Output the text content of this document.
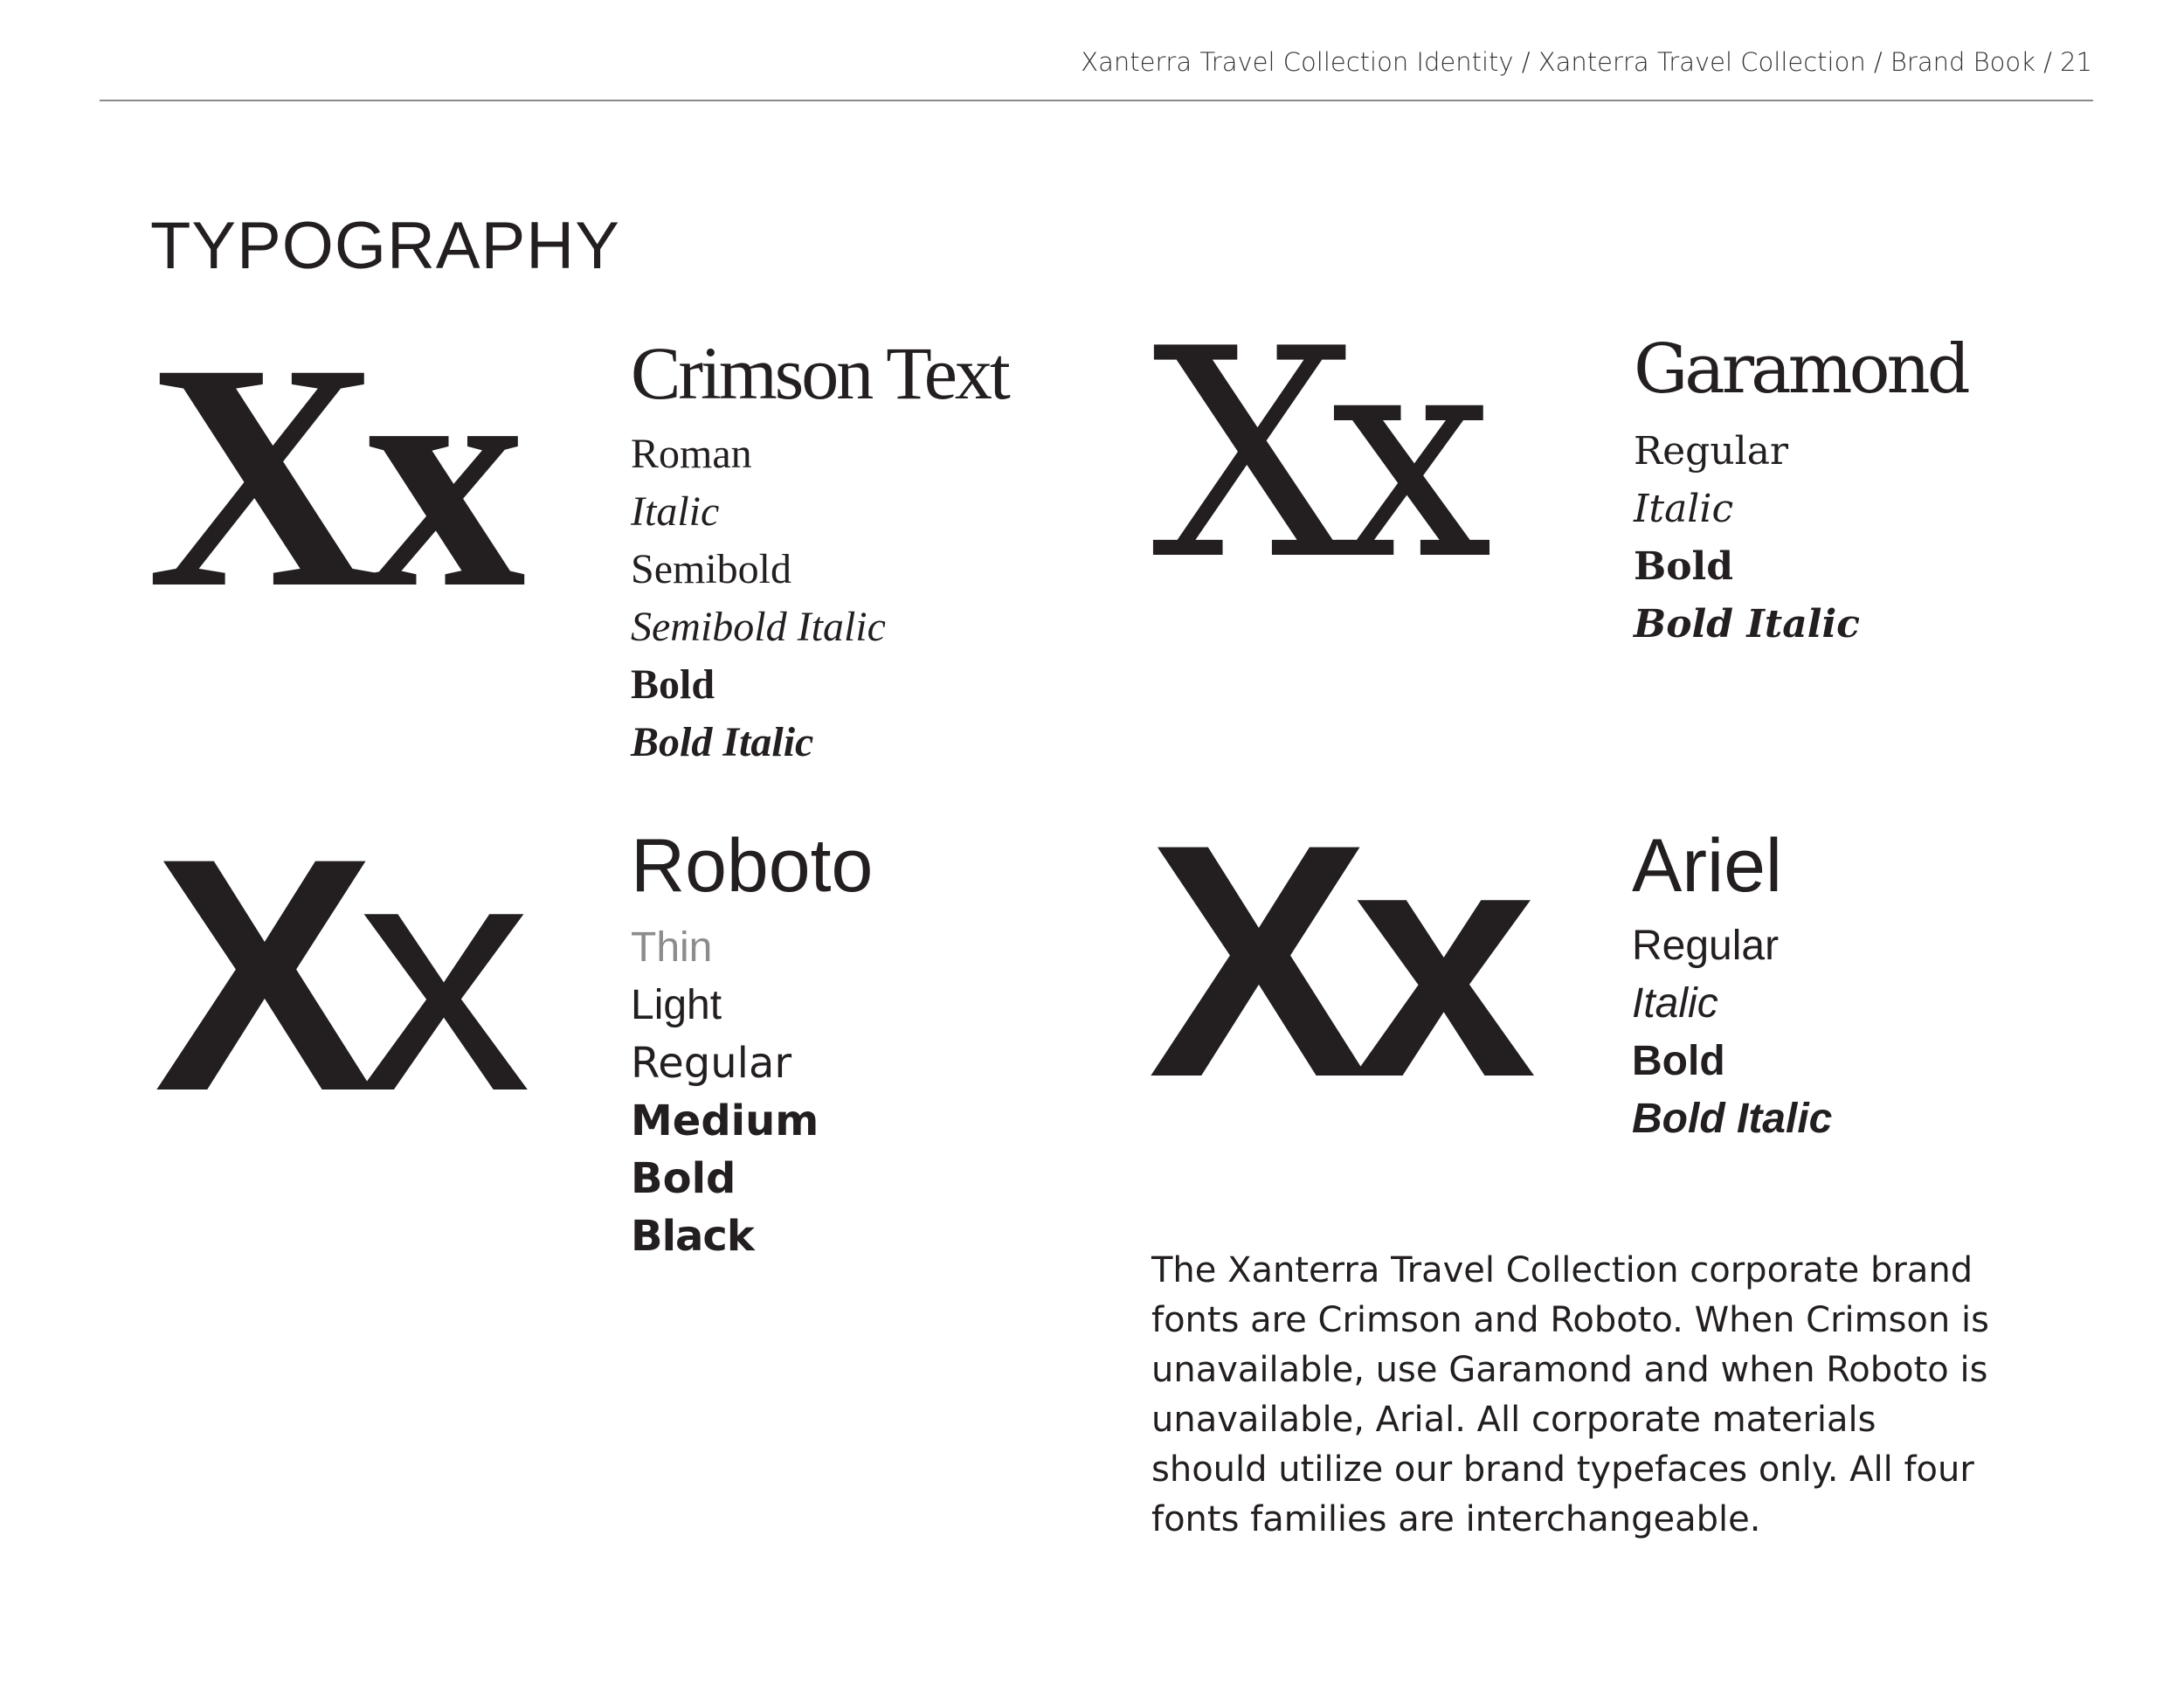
Xanterra Travel Collection Identity / Xanterra Travel Collection / Brand Book / 21
TYPOGRAPHY
Xx Crimson Text
Roman
Italic
Semibold
Semibold Italic
Bold
Bold Italic
Xx Garamond
Regular
Italic
Bold
Bold Italic
Xx Roboto
Thin
Light
Regular
Medium
Bold
Black
Xx Ariel
Regular
Italic
Bold
Bold Italic

The Xanterra Travel Collection corporate brand fonts are Crimson and Roboto. When Crimson is unavailable, use Garamond and when Roboto is unavailable, Arial. All corporate materials should utilize our brand typefaces only. All four fonts families are interchangeable.
